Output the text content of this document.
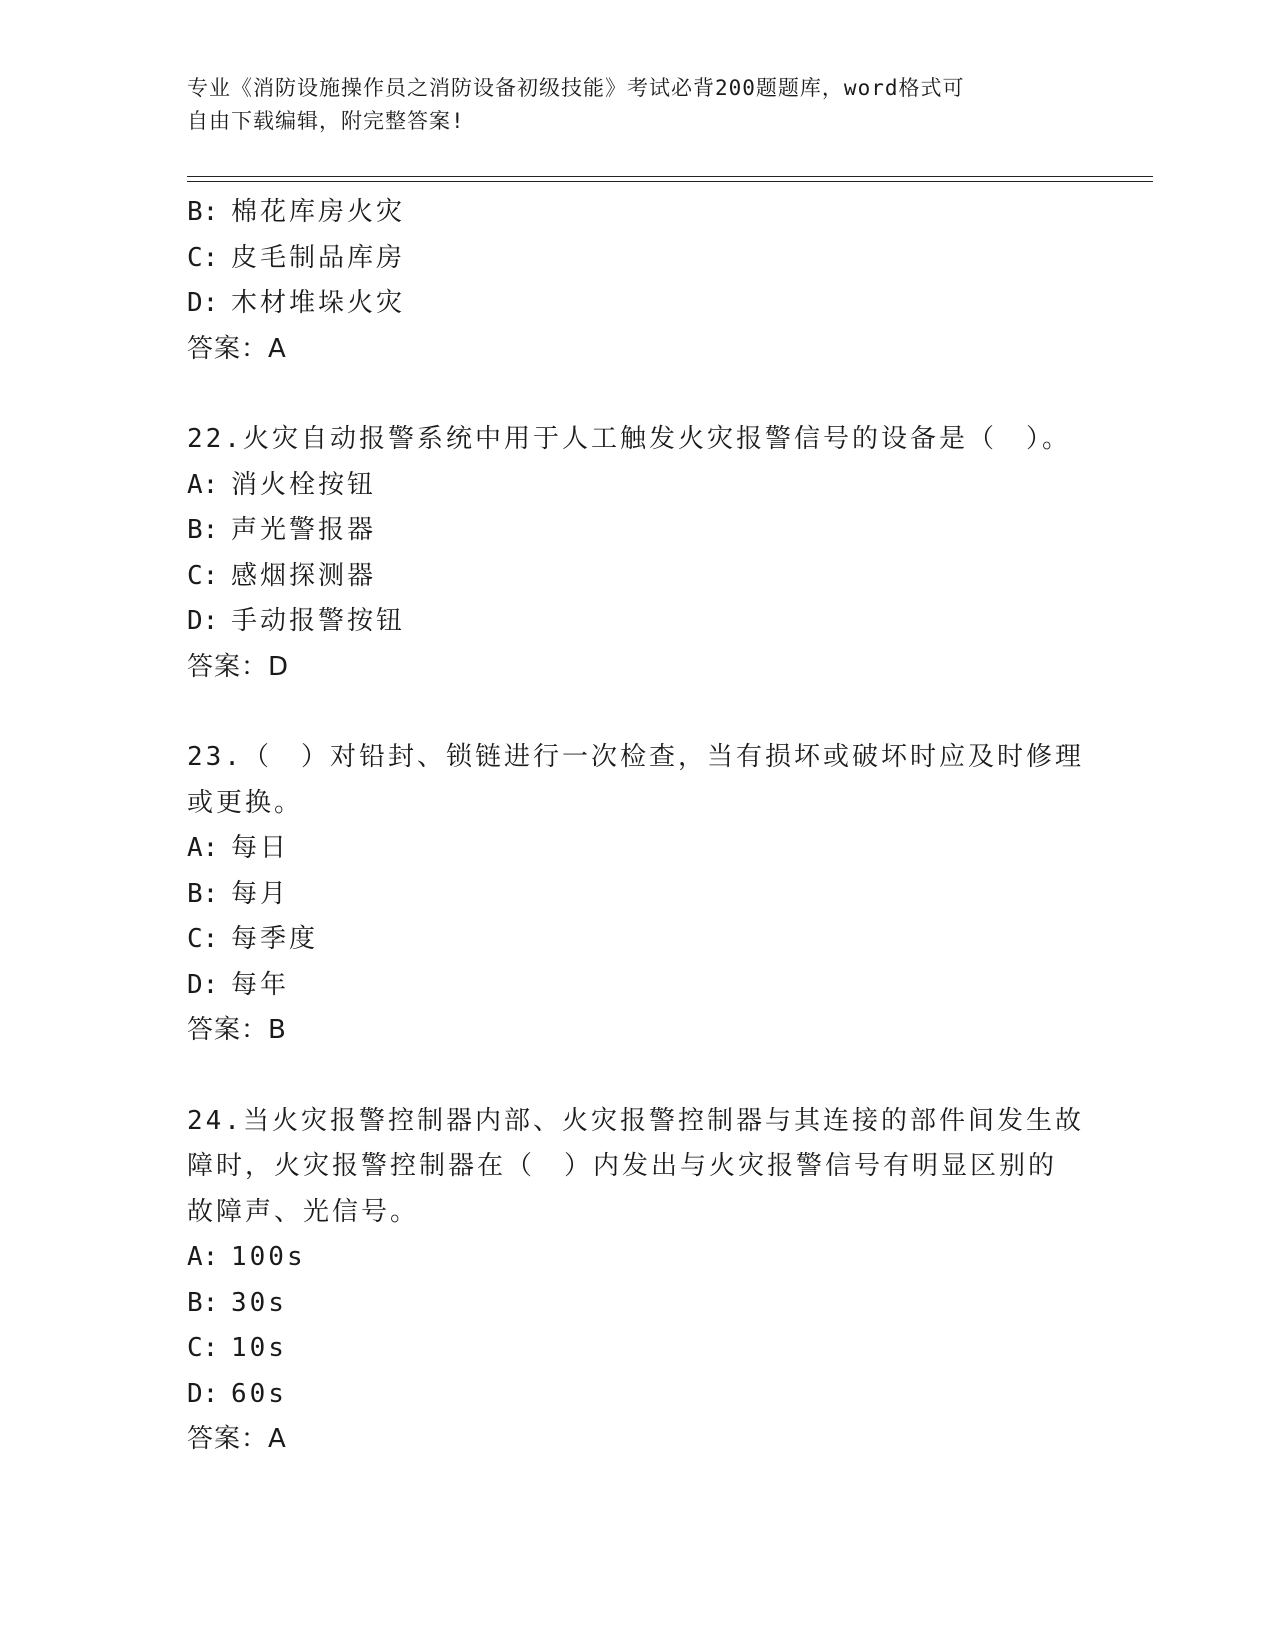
专业《消防设施操作员之消防设备初级技能》考试必背200题题库，word格式可
自由下载编辑，附完整答案!
B: 棉花库房火灾
C: 皮毛制品库房
D: 木材堆垛火灾
答案：A
22.火灾自动报警系统中用于人工触发火灾报警信号的设备是（　）。
A: 消火栓按钮
B: 声光警报器
C: 感烟探测器
D: 手动报警按钮
答案：D
23.（　）对铅封、锁链进行一次检查，当有损坏或破坏时应及时修理
或更换。
A: 每日
B: 每月
C: 每季度
D: 每年
答案：B
24.当火灾报警控制器内部、火灾报警控制器与其连接的部件间发生故
障时，火灾报警控制器在（　）内发出与火灾报警信号有明显区别的
故障声、光信号。
A: 100s
B: 30s
C: 10s
D: 60s
答案：A
